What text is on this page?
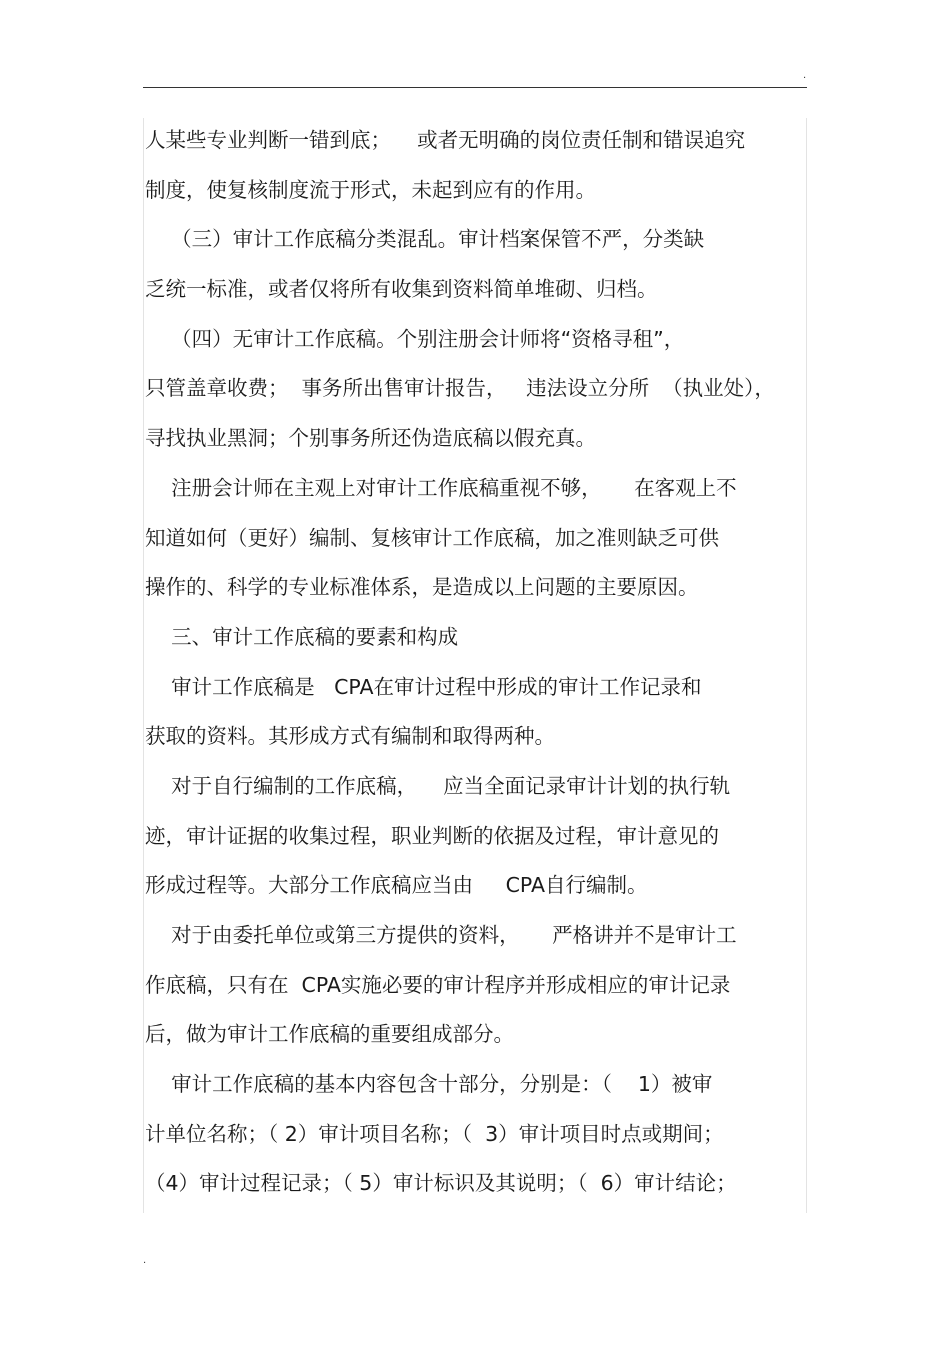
.
人某些专业判断一错到底；    或者无明确的岗位责任制和错误追究
制度，使复核制度流于形式，未起到应有的作用。
（三）审计工作底稿分类混乱。审计档案保管不严，分类缺
乏统一标准，或者仅将所有收集到资料简单堆砌、归档。
（四）无审计工作底稿。个别注册会计师将“资格寻租”，
只管盖章收费；  事务所出售审计报告，   违法设立分所  （执业处），
寻找执业黑洞；个别事务所还伪造底稿以假充真。
注册会计师在主观上对审计工作底稿重视不够，     在客观上不
知道如何（更好）编制、复核审计工作底稿，加之准则缺乏可供
操作的、科学的专业标准体系，是造成以上问题的主要原因。
三、审计工作底稿的要素和构成
审计工作底稿是   CPA在审计过程中形成的审计工作记录和
获取的资料。其形成方式有编制和取得两种。
对于自行编制的工作底稿，    应当全面记录审计计划的执行轨
迹，审计证据的收集过程，职业判断的依据及过程，审计意见的
形成过程等。大部分工作底稿应当由     CPA自行编制。
对于由委托单位或第三方提供的资料，     严格讲并不是审计工
作底稿，只有在  CPA实施必要的审计程序并形成相应的审计记录
后，做为审计工作底稿的重要组成部分。
审计工作底稿的基本内容包含十部分，分别是：（    1）被审
计单位名称；（ 2）审计项目名称；（  3）审计项目时点或期间；
（4）审计过程记录；（ 5）审计标识及其说明；（  6）审计结论；
.
